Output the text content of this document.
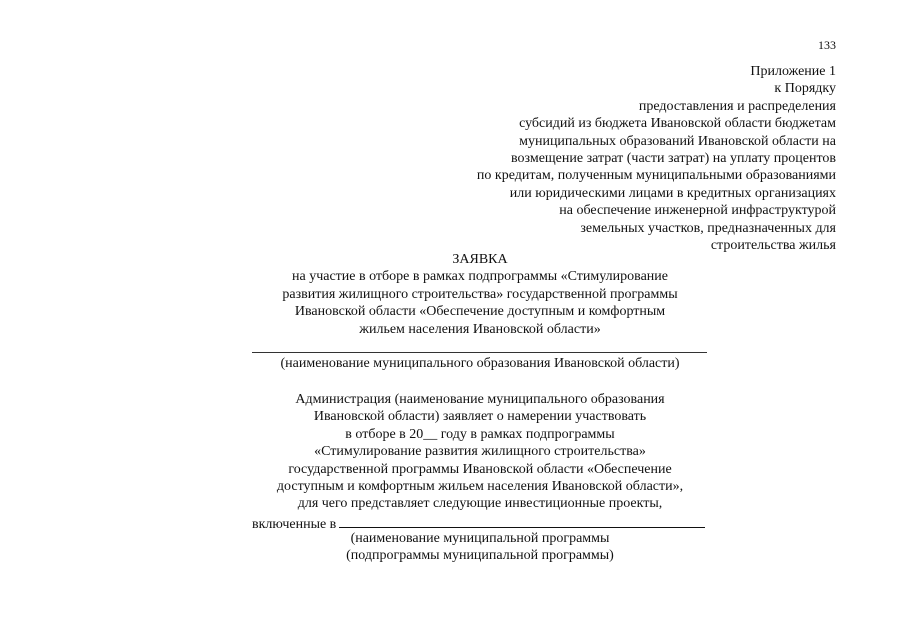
133
Приложение 1
к Порядку
предоставления и распределения
субсидий из бюджета Ивановской области бюджетам
муниципальных образований Ивановской области на
возмещение затрат (части затрат) на уплату процентов
по кредитам, полученным муниципальными образованиями
или юридическими лицами в кредитных организациях
на обеспечение инженерной инфраструктурой
земельных участков, предназначенных для
строительства жилья
ЗАЯВКА
на участие в отборе в рамках подпрограммы «Стимулирование
развития жилищного строительства» государственной программы
Ивановской области «Обеспечение доступным и комфортным
жильем населения Ивановской области»
(наименование муниципального образования Ивановской области)
Администрация (наименование муниципального образования
Ивановской области) заявляет о намерении участвовать
в отборе в 20__ году в рамках подпрограммы
«Стимулирование развития жилищного строительства»
государственной программы Ивановской области «Обеспечение
доступным и комфортным жильем населения Ивановской области»,
для чего представляет следующие инвестиционные проекты,
включенные в
(наименование муниципальной программы
(подпрограммы муниципальной программы)
